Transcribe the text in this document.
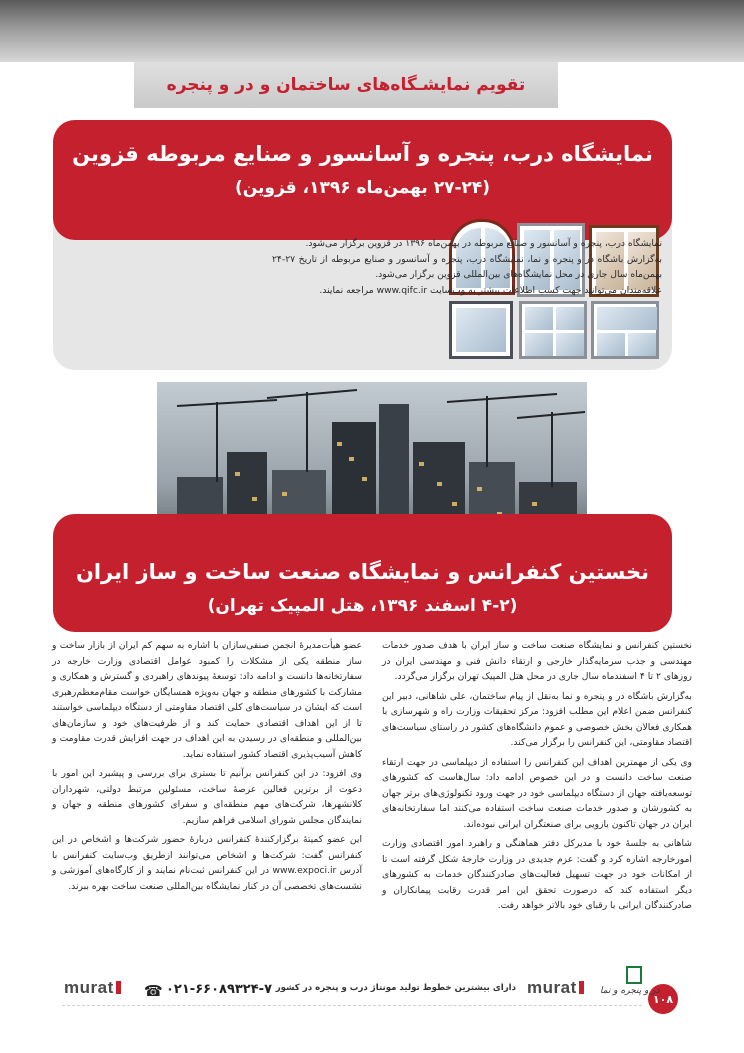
تقویم نمایشـگاه‌های ساختمان و در و پنجره
نمایشگاه درب، پنجره و آسانسور و صنایع مربوطه قزوین
(۲۷-۲۴ بهمن‌ماه ۱۳۹۶، قزوین)

نمایشگاه درب، پنجره و آسانسور و صنایع مربوطه در بهمن‌ماه ۱۳۹۶ در قزوین برگزار می‌شود.

به‌گزارش باشگاه در و پنجره و نما، نمایشگاه درب، پنجره و آسانسور و صنایع مربوطه از تاریخ ۲۷-۲۴ بهمن‌ماه سال جاری در محل نمایشگاه‌های بین‌المللی قزوین برگزار می‌شود.

علاقه‌مندان می‌توانند جهت کسب اطلاعات بیشتر به وب‌سایت www.qifc.ir مراجعه نمایند.

نخستین کنفرانس و نمایشگاه صنعت ساخت و ساز ایران
(۴-۲ اسفند ۱۳۹۶، هتل المپیک تهران)

نخستین کنفرانس و نمایشگاه صنعت ساخت و ساز ایران با هدف صدور خدمات مهندسی و جذب سرمایه‌گذار خارجی و ارتقاء دانش فنی و مهندسی ایران در روزهای ۲ تا ۴ اسفندماه سال جاری در محل هتل المپیک تهران برگزار می‌گردد.

به‌گزارش باشگاه در و پنجره و نما به‌نقل از پیام ساختمان، علی شاهانی، دبیر این کنفرانس ضمن اعلام این مطلب افزود: مرکز تحقیقات وزارت راه و شهرسازی با همکاری فعالان بخش خصوصی و عموم دانشگاه‌های کشور در راستای سیاست‌های اقتصاد مقاومتی، این کنفرانس را برگزار می‌کند.

وی یکی از مهمترین اهداف این کنفرانس را استفاده از دیپلماسی در جهت ارتقاء صنعت ساخت دانست و در این خصوص ادامه داد: سال‌هاست که کشورهای توسعه‌یافته جهان از دستگاه دیپلماسی خود در جهت ورود تکنولوژی‌های برتر جهان به کشورشان و صدور خدمات صنعت ساخت استفاده می‌کنند اما سفارتخانه‌های ایران در جهان تاکنون بازویی برای صنعتگران ایرانی نبوده‌اند.

شاهانی به جلسهٔ خود با مدیرکل دفتر هماهنگی و راهبرد امور اقتصادی وزارت امورخارجه اشاره کرد و گفت: عزم جدیدی در وزارت خارجهٔ شکل گرفته است تا از امکانات خود در جهت تسهیل فعالیت‌های صادرکنندگان خدمات به کشورهای دیگر استفاده کند که درصورت تحقق این امر قدرت رقابت پیمانکاران و صادرکنندگان ایرانی با رقبای خود بالاتر خواهد رفت.

عضو هیأت‌مدیرهٔ انجمن صنفی‌سازان با اشاره به سهم کم ایران از بازار ساخت و ساز منطقه یکی از مشکلات را کمبود عوامل اقتصادی وزارت خارجه در سفارتخانه‌ها دانست و ادامه داد: توسعهٔ پیوندهای راهبردی و گسترش و همکاری و مشارکت با کشورهای منطقه و جهان به‌ویژه همسایگان خواست مقام‌معظم‌رهبری است که ایشان در سیاست‌های کلی اقتصاد مقاومتی از دستگاه دیپلماسی خواستند تا از این اهداف اقتصادی حمایت کند و از ظرفیت‌های خود و سازمان‌های بین‌المللی و منطقه‌ای در رسیدن به این اهداف در جهت افزایش قدرت مقاومت و کاهش آسیب‌پذیری اقتصاد کشور استفاده نماید.

وی افزود: در این کنفرانس برآنیم تا بستری برای بررسی و پیشبرد این امور با دعوت از برترین فعالین عرصهٔ ساخت، مسئولین مرتبط دولتی، شهرداران کلانشهرها، شرکت‌های مهم منطقه‌ای و سفرای کشورهای منطقه و جهان و نمایندگان مجلس شورای اسلامی فراهم سازیم.

این عضو کمیتهٔ برگزارکنندهٔ کنفرانس دربارهٔ حضور شرکت‌ها و اشخاص در این کنفرانس گفت: شرکت‌ها و اشخاص می‌توانند ازطریق وب‌سایت کنفرانس با آدرس www.expoci.ir در این کنفرانس ثبت‌نام نمایند و از کارگاه‌های آموزشی و نشست‌های تخصصی آن در کنار نمایشگاه بین‌المللی صنعت ساخت بهره ببرند.

۱۰۸
در و پنجره و نما
murat
دارای بیشترین خطوط تولید مونتاژ درب و پنجره در کشور
☎ ۰۲۱-۶۶۰۸۹۳۲۴-۷
murat
